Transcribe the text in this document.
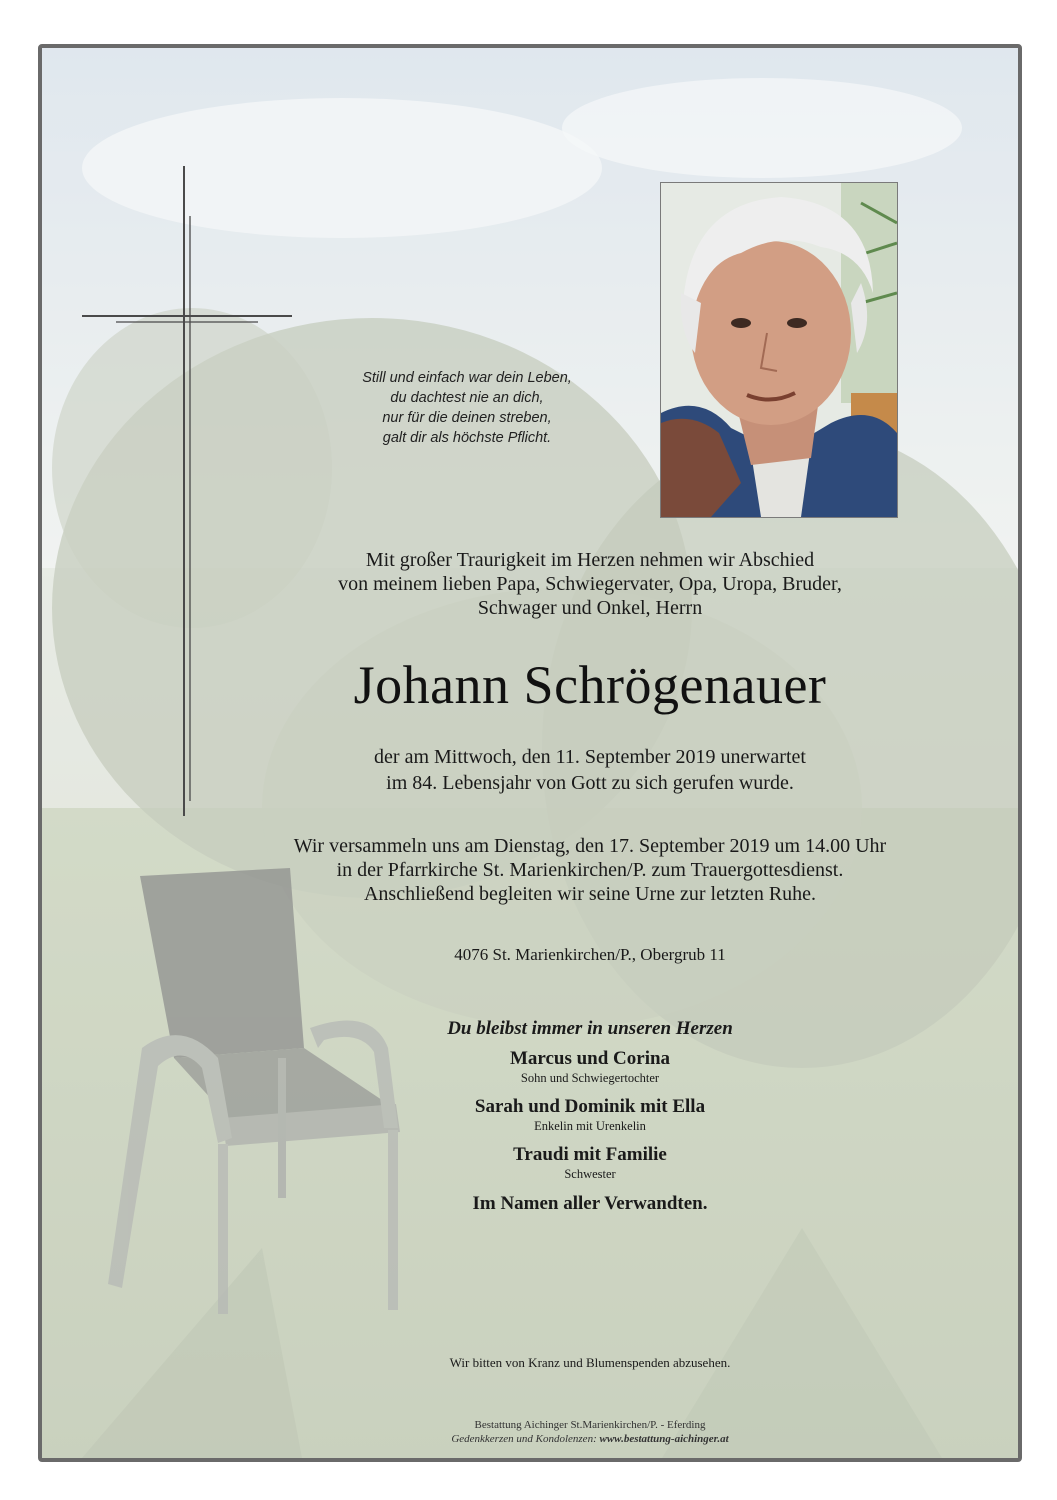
Still und einfach war dein Leben,
du dachtest nie an dich,
nur für die deinen streben,
galt dir als höchste Pflicht.
Mit großer Traurigkeit im Herzen nehmen wir Abschied
von meinem lieben Papa, Schwiegervater, Opa, Uropa, Bruder,
Schwager und Onkel, Herrn
Johann Schrögenauer
der am Mittwoch, den 11. September 2019 unerwartet
im 84. Lebensjahr von Gott zu sich gerufen wurde.
Wir versammeln uns am Dienstag, den 17. September 2019 um 14.00 Uhr
in der Pfarrkirche St. Marienkirchen/P. zum Trauergottesdienst.
Anschließend begleiten wir seine Urne zur letzten Ruhe.
4076 St. Marienkirchen/P., Obergrub 11
Du bleibst immer in unseren Herzen
Marcus und Corina
Sohn und Schwiegertochter
Sarah und Dominik mit Ella
Enkelin mit Urenkelin
Traudi mit Familie
Schwester
Im Namen aller Verwandten.
Wir bitten von Kranz und Blumenspenden abzusehen.
Bestattung Aichinger St.Marienkirchen/P. - Eferding
Gedenkkerzen und Kondolenzen: www.bestattung-aichinger.at
